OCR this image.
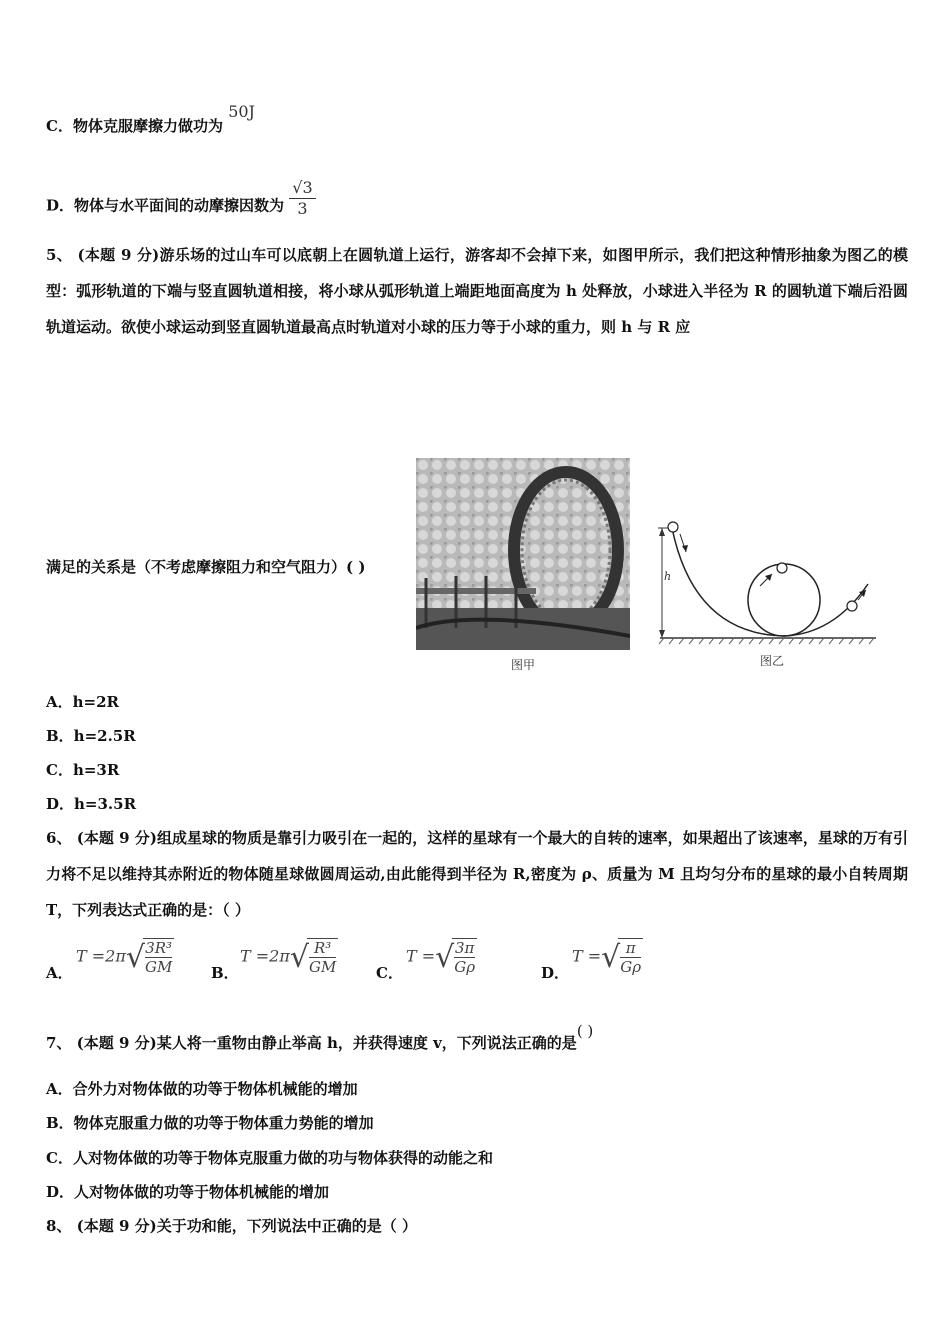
C．物体克服摩擦力做功为 50J
D．物体与水平面间的动摩擦因数为 $\frac{√3}{3}$
5、 (本题 9 分)游乐场的过山车可以底朝上在圆轨道上运行，游客却不会掉下来，如图甲所示，我们把这种情形抽象为图乙的模型：弧形轨道的下端与竖直圆轨道相接，将小球从弧形轨道上端距地面高度为 h 处释放，小球进入半径为 R 的圆轨道下端后沿圆轨道运动。欲使小球运动到竖直圆轨道最高点时轨道对小球的压力等于小球的重力，则 h 与 R 应
满足的关系是（不考虑摩擦阻力和空气阻力）( )
图甲
h
图乙
A．h=2R
B．h=2.5R
C．h=3R
D．h=3.5R
6、 (本题 9 分)组成星球的物质是靠引力吸引在一起的，这样的星球有一个最大的自转的速率，如果超出了该速率，星球的万有引力将不足以维持其赤附近的物体随星球做圆周运动,由此能得到半径为 R,密度为 ρ、质量为 M 且均匀分布的星球的最小自转周期 T，下列表达式正确的是：（ ）
A．
T =2π√
$\frac{\text{3R³}}{GM}$ B．
T =2π√
$\frac{\text{R³}}{GM}$	C．
T =√
$\frac{3\pi}{G\rho}$	D．
T =√
$\frac{\pi}{G\rho}$
7、 (本题 9 分)某人将一重物由静止举高 h，并获得速度 v，下列说法正确的是( )
A．合外力对物体做的功等于物体机械能的增加
B．物体克服重力做的功等于物体重力势能的增加
C．人对物体做的功等于物体克服重力做的功与物体获得的动能之和
D．人对物体做的功等于物体机械能的增加
8、 (本题 9 分)关于功和能，下列说法中正确的是（ ）
